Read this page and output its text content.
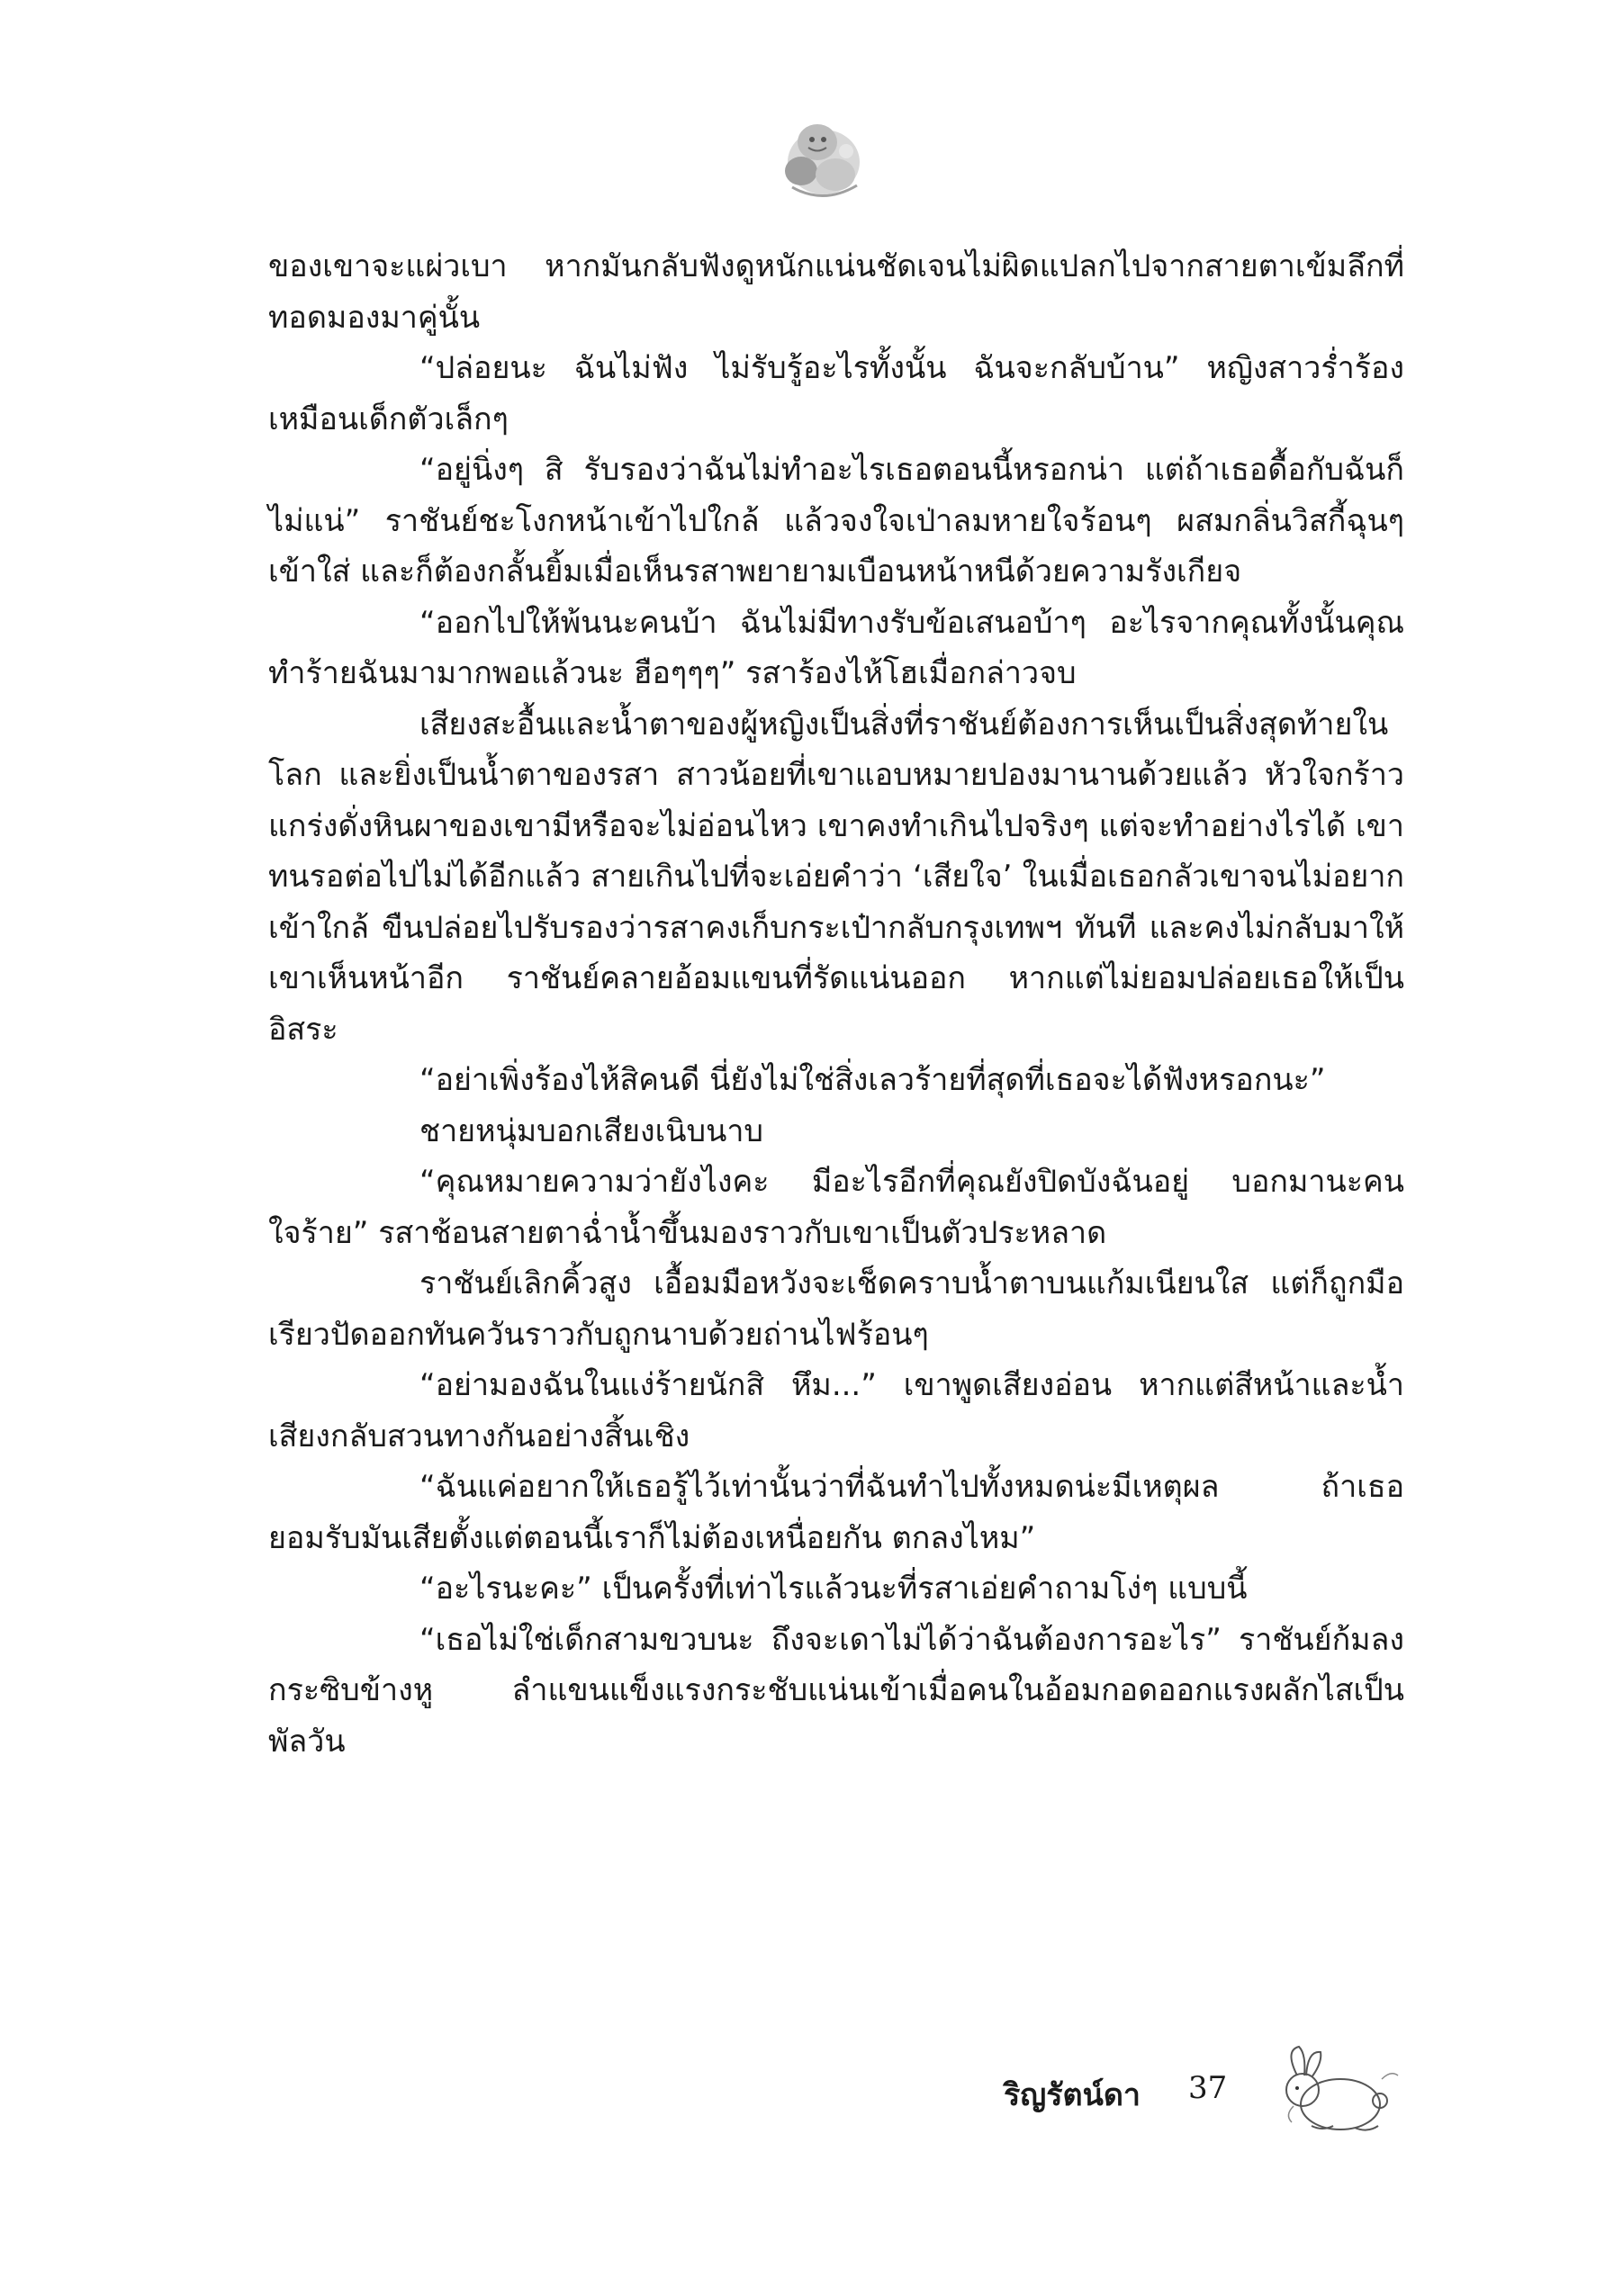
ของเขาจะแผ่วเบา หากมันกลับฟังดูหนักแน่นชัดเจนไม่ผิดแปลกไปจากสายตาเข้มลึกที่ทอดมองมาคู่นั้น

“ปล่อยนะ ฉันไม่ฟัง ไม่รับรู้อะไรทั้งนั้น ฉันจะกลับบ้าน” หญิงสาวร่ำร้องเหมือนเด็กตัวเล็กๆ

“อยู่นิ่งๆ สิ รับรองว่าฉันไม่ทำอะไรเธอตอนนี้หรอกน่า แต่ถ้าเธอดื้อกับฉันก็ไม่แน่” ราชันย์ชะโงกหน้าเข้าไปใกล้ แล้วจงใจเป่าลมหายใจร้อนๆ ผสมกลิ่นวิสกี้ฉุนๆ เข้าใส่ และก็ต้องกลั้นยิ้มเมื่อเห็นรสาพยายามเบือนหน้าหนีด้วยความรังเกียจ

“ออกไปให้พ้นนะคนบ้า ฉันไม่มีทางรับข้อเสนอบ้าๆ อะไรจากคุณทั้งนั้นคุณทำร้ายฉันมามากพอแล้วนะ ฮือๆๆๆ” รสาร้องไห้โฮเมื่อกล่าวจบ

เสียงสะอื้นและน้ำตาของผู้หญิงเป็นสิ่งที่ราชันย์ต้องการเห็นเป็นสิ่งสุดท้ายในโลก และยิ่งเป็นน้ำตาของรสา สาวน้อยที่เขาแอบหมายปองมานานด้วยแล้ว หัวใจกร้าวแกร่งดั่งหินผาของเขามีหรือจะไม่อ่อนไหว เขาคงทำเกินไปจริงๆ แต่จะทำอย่างไรได้ เขาทนรอต่อไปไม่ได้อีกแล้ว สายเกินไปที่จะเอ่ยคำว่า ‘เสียใจ’ ในเมื่อเธอกลัวเขาจนไม่อยากเข้าใกล้ ขืนปล่อยไปรับรองว่ารสาคงเก็บกระเป๋ากลับกรุงเทพฯ ทันที และคงไม่กลับมาให้เขาเห็นหน้าอีก ราชันย์คลายอ้อมแขนที่รัดแน่นออก หากแต่ไม่ยอมปล่อยเธอให้เป็นอิสระ

“อย่าเพิ่งร้องไห้สิคนดี นี่ยังไม่ใช่สิ่งเลวร้ายที่สุดที่เธอจะได้ฟังหรอกนะ”

ชายหนุ่มบอกเสียงเนิบนาบ

“คุณหมายความว่ายังไงคะ มีอะไรอีกที่คุณยังปิดบังฉันอยู่ บอกมานะคนใจร้าย” รสาช้อนสายตาฉ่ำน้ำขึ้นมองราวกับเขาเป็นตัวประหลาด

ราชันย์เลิกคิ้วสูง เอื้อมมือหวังจะเช็ดคราบน้ำตาบนแก้มเนียนใส แต่ก็ถูกมือเรียวปัดออกทันควันราวกับถูกนาบด้วยถ่านไฟร้อนๆ

“อย่ามองฉันในแง่ร้ายนักสิ หึม...” เขาพูดเสียงอ่อน หากแต่สีหน้าและน้ำเสียงกลับสวนทางกันอย่างสิ้นเชิง

“ฉันแค่อยากให้เธอรู้ไว้เท่านั้นว่าที่ฉันทำไปทั้งหมดน่ะมีเหตุผล ถ้าเธอยอมรับมันเสียตั้งแต่ตอนนี้เราก็ไม่ต้องเหนื่อยกัน ตกลงไหม”

“อะไรนะคะ” เป็นครั้งที่เท่าไรแล้วนะที่รสาเอ่ยคำถามโง่ๆ แบบนี้

“เธอไม่ใช่เด็กสามขวบนะ ถึงจะเดาไม่ได้ว่าฉันต้องการอะไร” ราชันย์ก้มลงกระซิบข้างหู ลำแขนแข็งแรงกระชับแน่นเข้าเมื่อคนในอ้อมกอดออกแรงผลักไสเป็นพัลวัน

ริญรัตน์ดา 37
